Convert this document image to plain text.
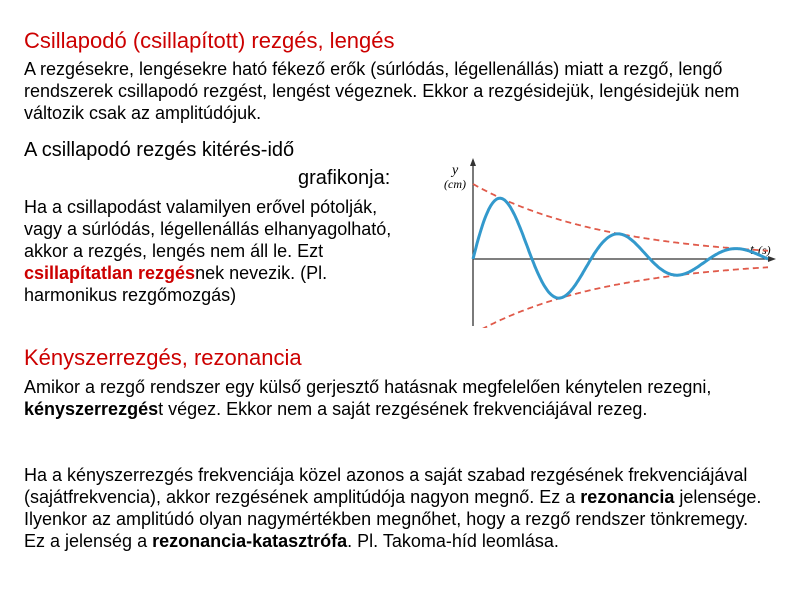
Csillapodó (csillapított) rezgés, lengés
A rezgésekre, lengésekre ható fékező erők (súrlódás, légellenállás) miatt a rezgő, lengő rendszerek csillapodó rezgést, lengést végeznek. Ekkor a rezgésidejük, lengésidejük nem változik csak az amplitúdójuk.
A csillapodó rezgés kitérés-idő
grafikonja:
Ha a csillapodást valamilyen erővel pótolják, vagy a súrlódás, légellenállás elhanyagolható, akkor a rezgés, lengés nem áll le. Ezt csillapítatlan rezgésnek nevezik. (Pl. harmonikus rezgőmozgás)
y
(cm)
t (s)
Kényszerrezgés, rezonancia
Amikor a rezgő rendszer egy külső gerjesztő hatásnak megfelelően kénytelen rezegni, kényszerrezgést végez. Ekkor nem a saját rezgésének frekvenciájával rezeg.
Ha a kényszerrezgés frekvenciája közel azonos a saját szabad rezgésének frekvenciájával (sajátfrekvencia), akkor rezgésének amplitúdója nagyon megnő. Ez a rezonancia jelensége. Ilyenkor az amplitúdó olyan nagymértékben megnőhet, hogy a rezgő rendszer tönkremegy. Ez a jelenség a rezonancia-katasztrófa. Pl. Takoma-híd leomlása.
